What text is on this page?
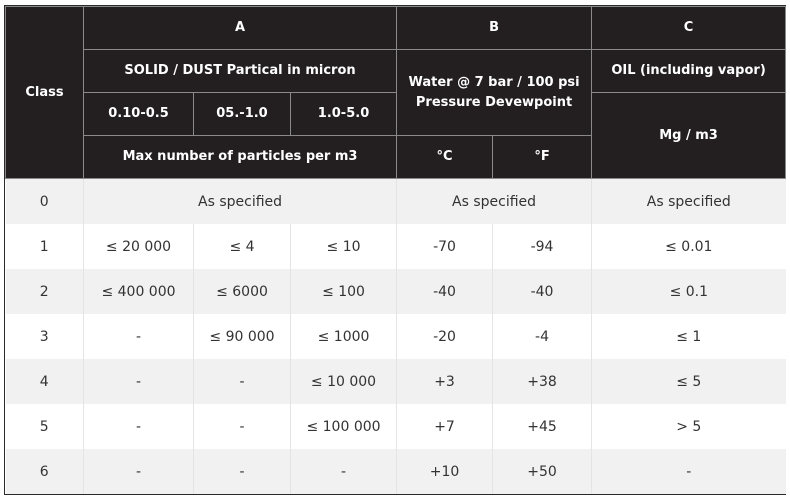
Class	A			B		C
	SOLID / DUST Partical in micron			Water @ 7 bar / 100 psi Pressure Devewpoint		OIL (including vapor)
	0.10-0.5	05.-1.0	1.0-5.0			Mg / m3
	Max number of particles per m3			°C	°F	
0	As specified			As specified		As specified
1	≤ 20 000	≤ 4	≤ 10	-70	-94	≤ 0.01
2	≤ 400 000	≤ 6000	≤ 100	-40	-40	≤ 0.1
3	-	≤ 90 000	≤ 1000	-20	-4	≤ 1
4	-	-	≤ 10 000	+3	+38	≤ 5
5	-	-	≤ 100 000	+7	+45	> 5
6	-	-	-	+10	+50	-
